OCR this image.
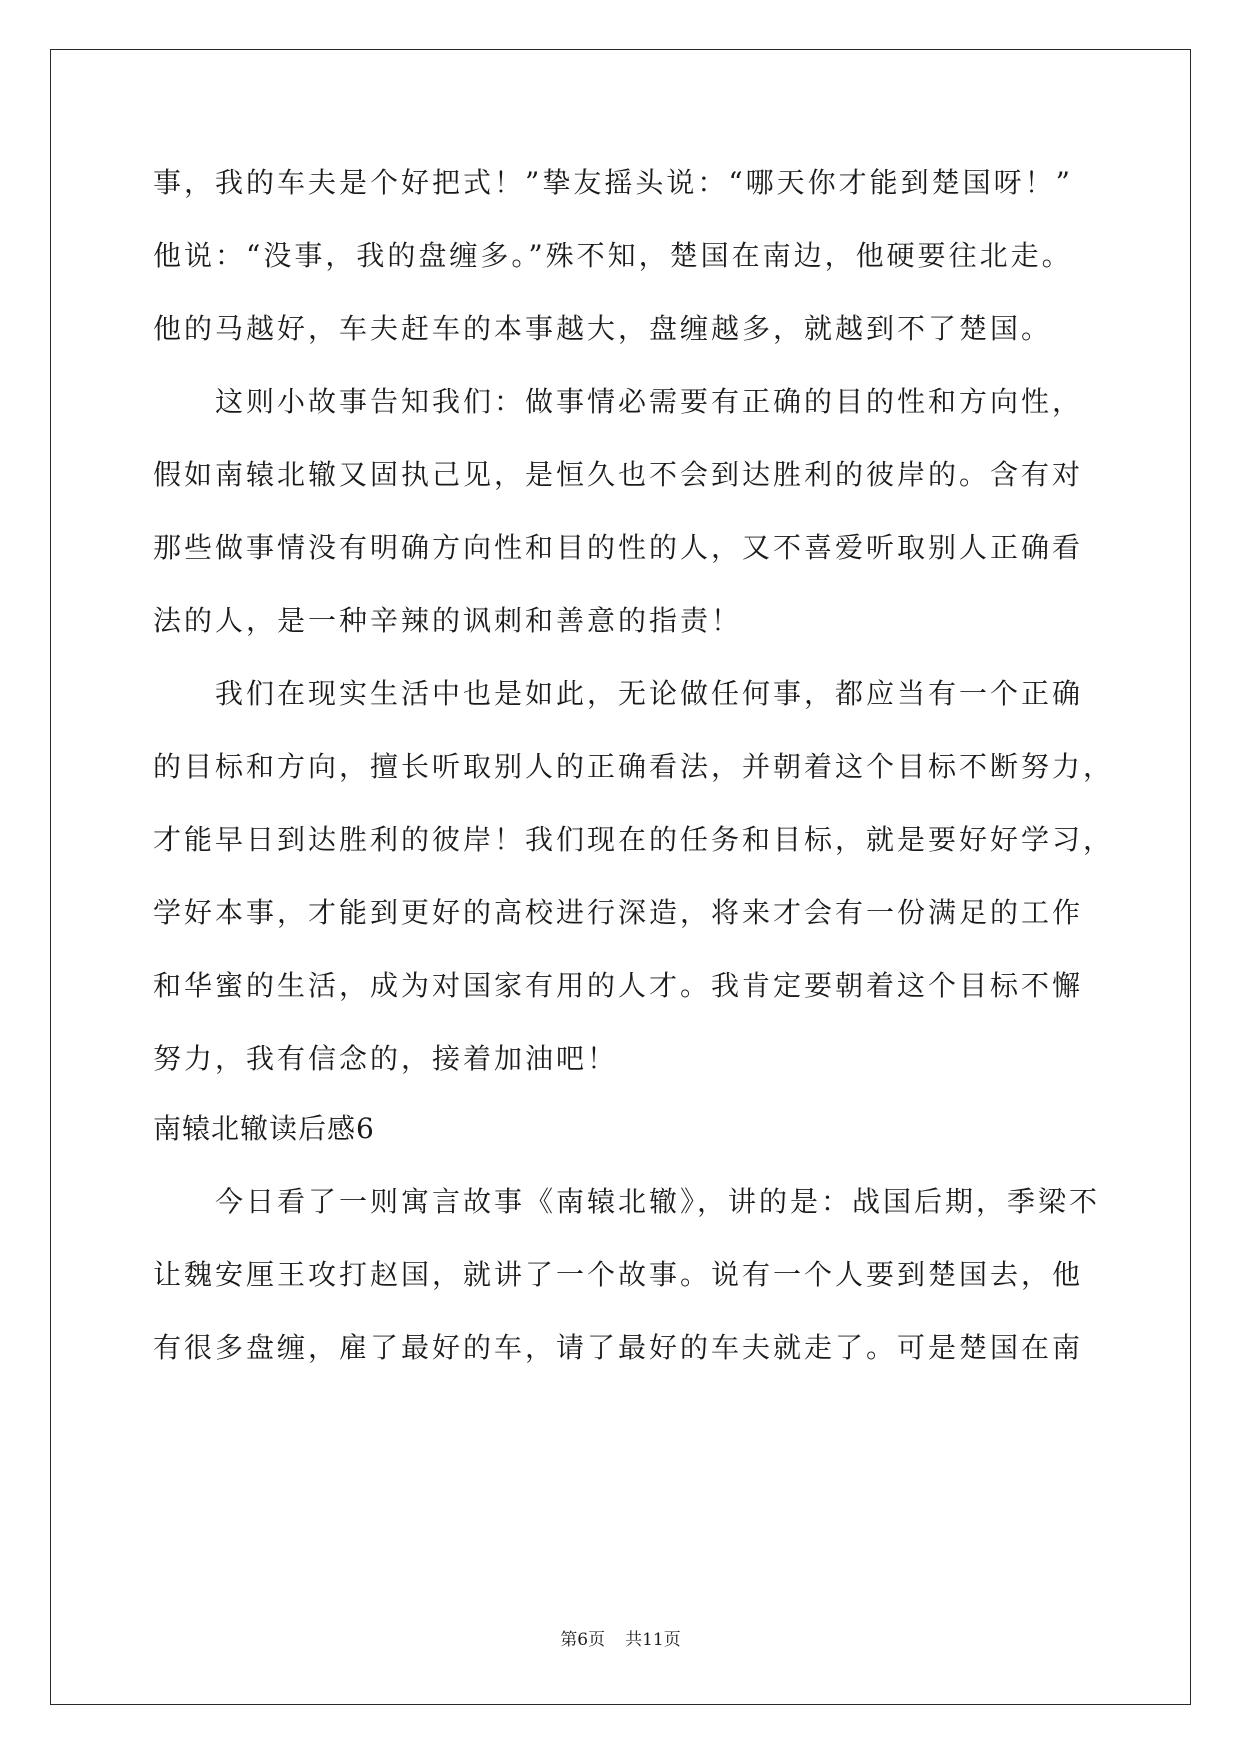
事，我的车夫是个好把式！”挚友摇头说：“哪天你才能到楚国呀！”
他说：“没事，我的盘缠多。”殊不知，楚国在南边，他硬要往北走。
他的马越好，车夫赶车的本事越大，盘缠越多，就越到不了楚国。
　　这则小故事告知我们：做事情必需要有正确的目的性和方向性，
假如南辕北辙又固执己见，是恒久也不会到达胜利的彼岸的。含有对
那些做事情没有明确方向性和目的性的人，又不喜爱听取别人正确看
法的人，是一种辛辣的讽刺和善意的指责！
　　我们在现实生活中也是如此，无论做任何事，都应当有一个正确
的目标和方向，擅长听取别人的正确看法，并朝着这个目标不断努力，
才能早日到达胜利的彼岸！我们现在的任务和目标，就是要好好学习，
学好本事，才能到更好的高校进行深造，将来才会有一份满足的工作
和华蜜的生活，成为对国家有用的人才。我肯定要朝着这个目标不懈
努力，我有信念的，接着加油吧！
南辕北辙读后感6
　　今日看了一则寓言故事《南辕北辙》，讲的是：战国后期，季梁不
让魏安厘王攻打赵国，就讲了一个故事。说有一个人要到楚国去，他
有很多盘缠，雇了最好的车，请了最好的车夫就走了。可是楚国在南
第6页 共11页
